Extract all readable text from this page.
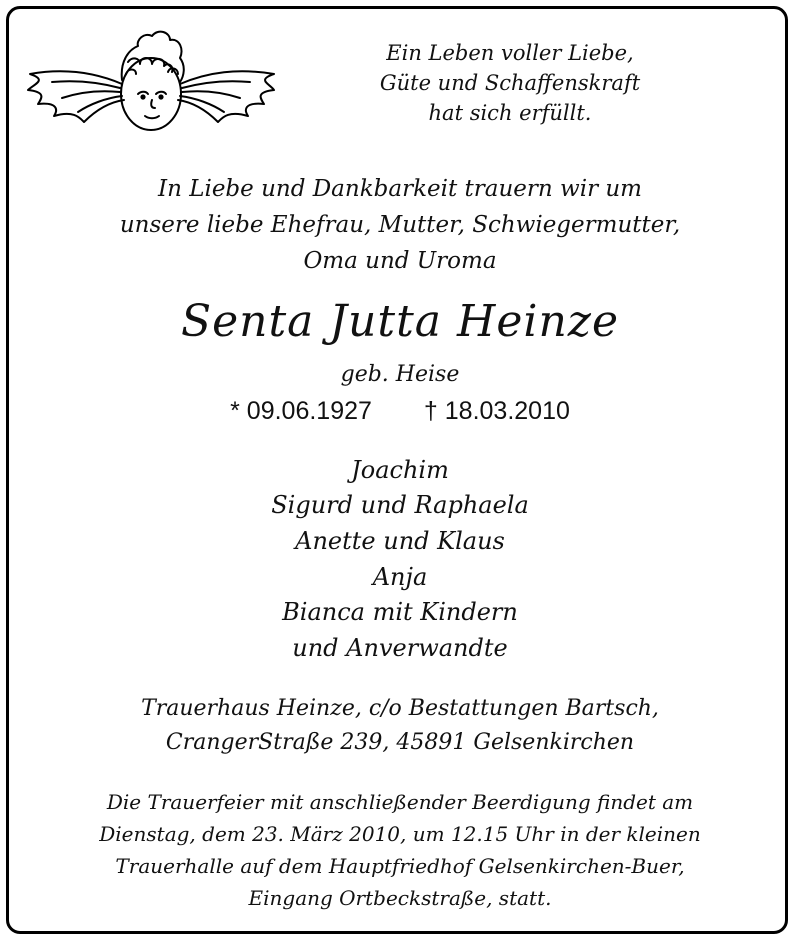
Ein Leben voller Liebe,
Güte und Schaffenskraft
hat sich erfüllt.
In Liebe und Dankbarkeit trauern wir um
unsere liebe Ehefrau, Mutter, Schwiegermutter,
Oma und Uroma
Senta Jutta Heinze
geb. Heise
* 09.06.1927 † 18.03.2010
Joachim
Sigurd und Raphaela
Anette und Klaus
Anja
Bianca mit Kindern
und Anverwandte
Trauerhaus Heinze, c/o Bestattungen Bartsch,
CrangerStraße 239, 45891 Gelsenkirchen
Die Trauerfeier mit anschließender Beerdigung findet am
Dienstag, dem 23. März 2010, um 12.15 Uhr in der kleinen
Trauerhalle auf dem Hauptfriedhof Gelsenkirchen-Buer,
Eingang Ortbeckstraße, statt.
